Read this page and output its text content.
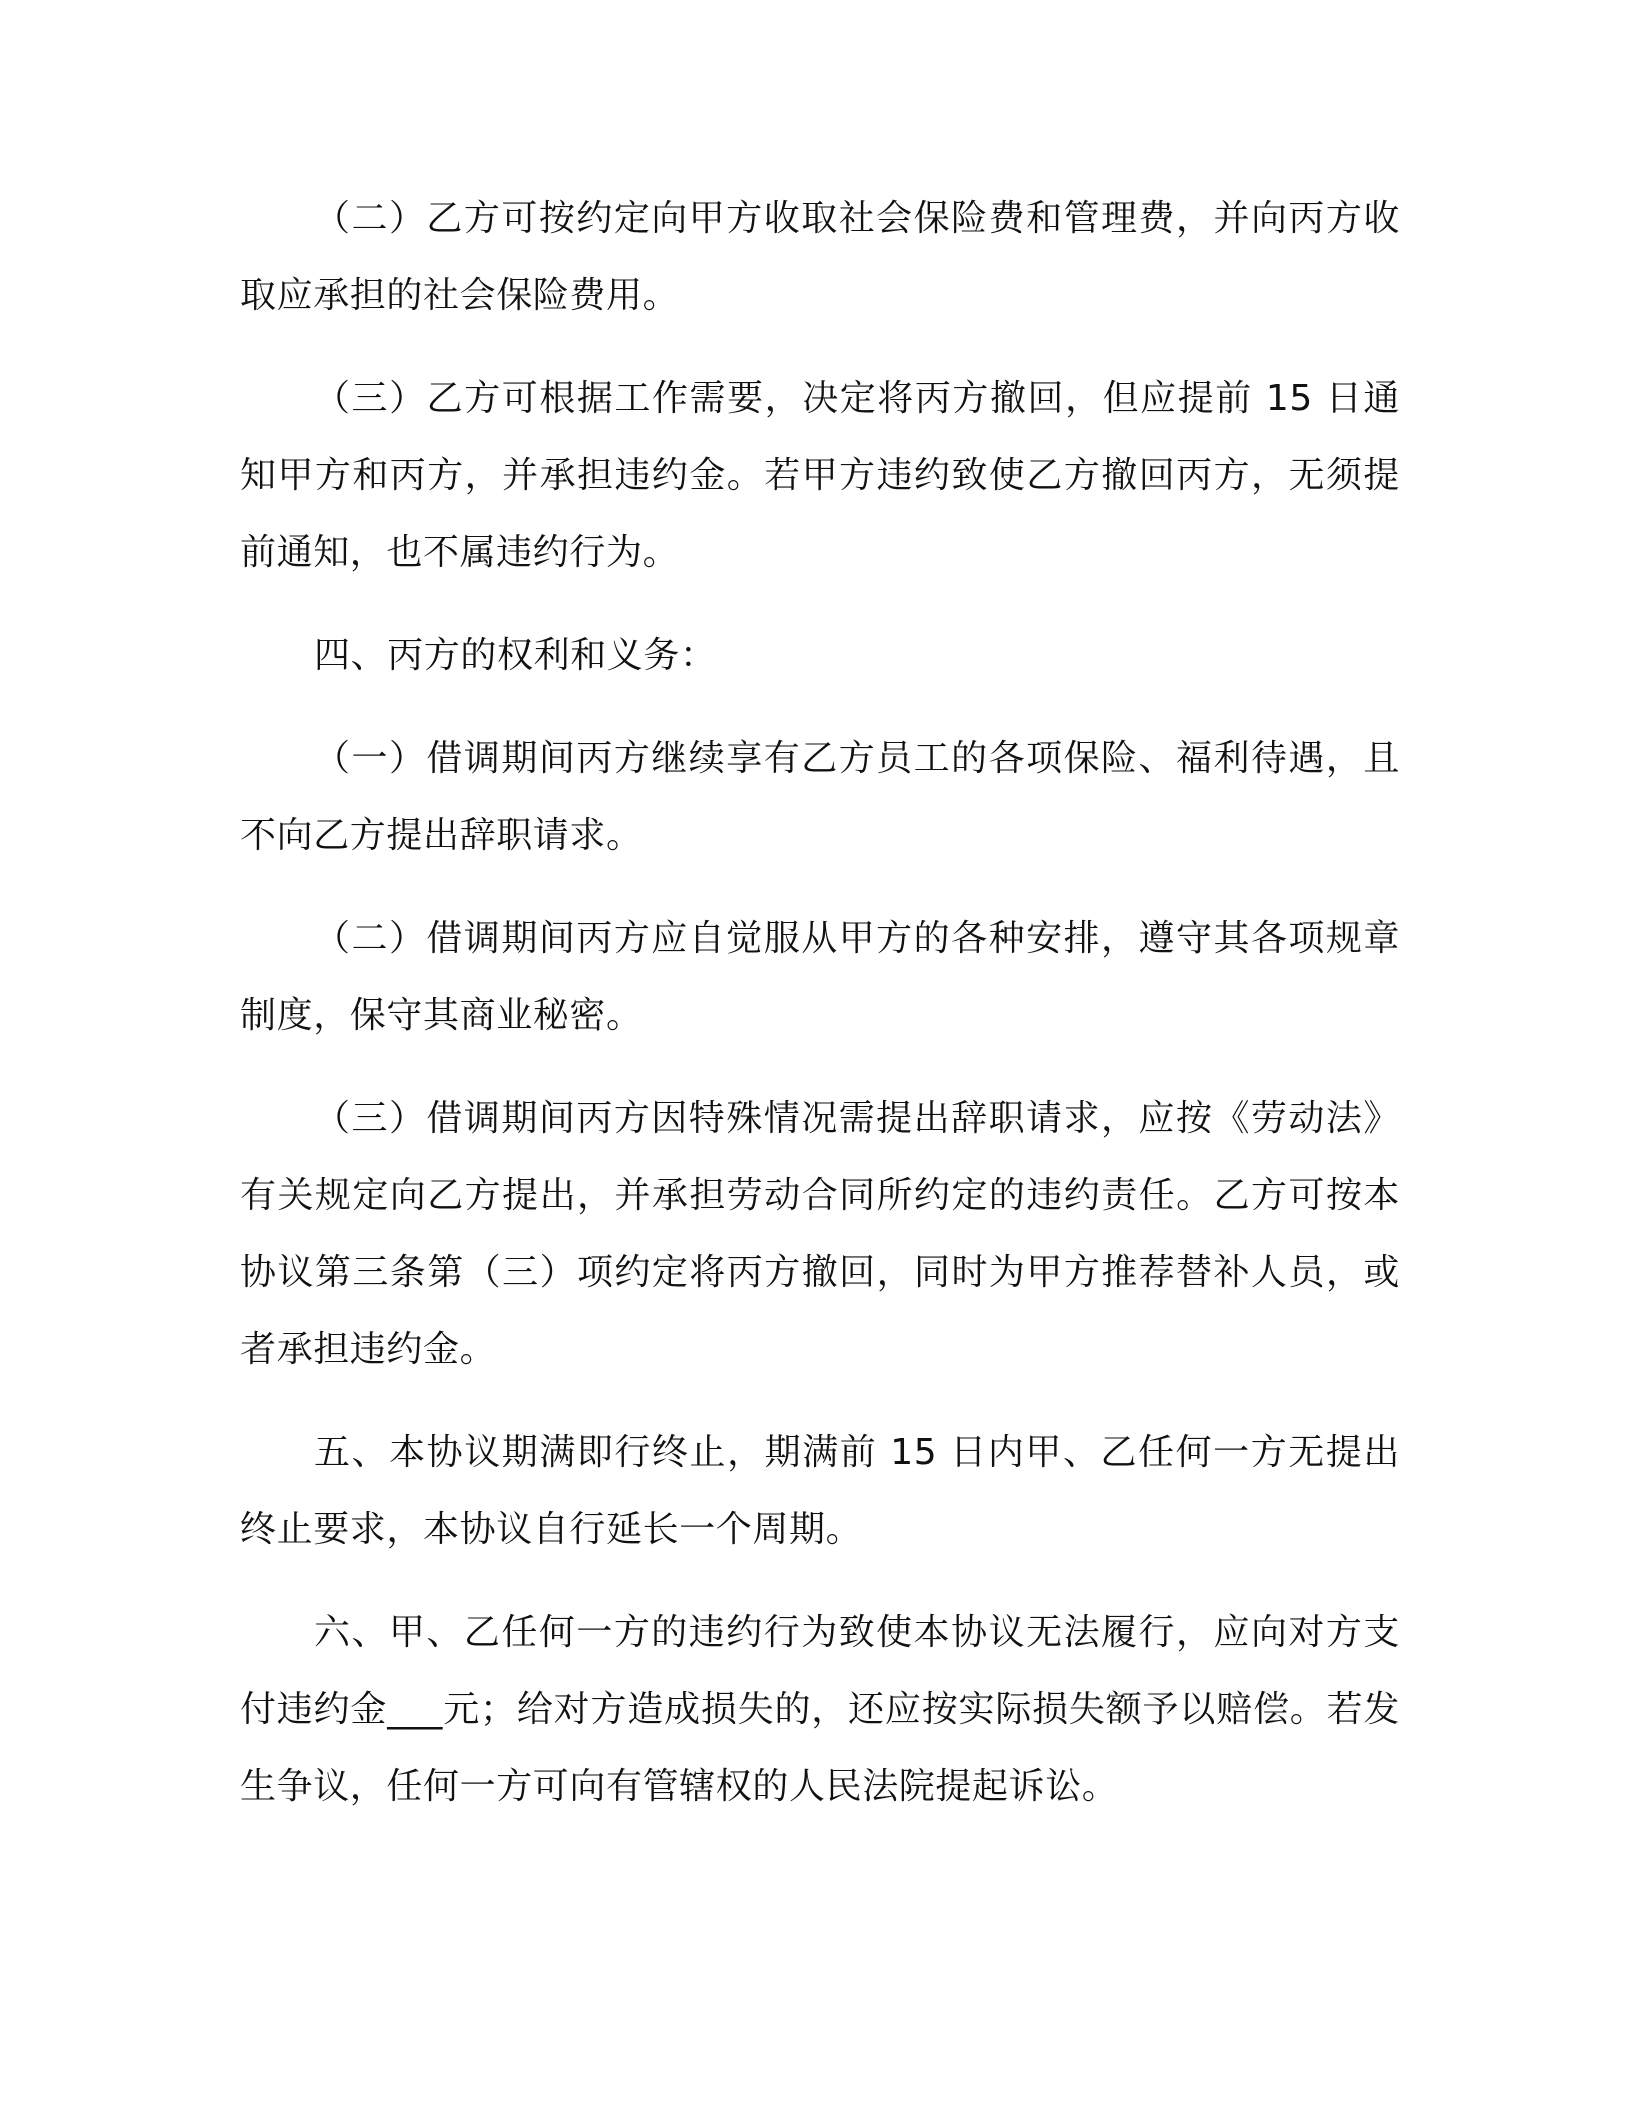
（二）乙方可按约定向甲方收取社会保险费和管理费，并向丙方收取应承担的社会保险费用。

（三）乙方可根据工作需要，决定将丙方撤回，但应提前 15 日通知甲方和丙方，并承担违约金。若甲方违约致使乙方撤回丙方，无须提前通知，也不属违约行为。

四、丙方的权利和义务：

（一）借调期间丙方继续享有乙方员工的各项保险、福利待遇，且不向乙方提出辞职请求。

（二）借调期间丙方应自觉服从甲方的各种安排，遵守其各项规章制度，保守其商业秘密。

（三）借调期间丙方因特殊情况需提出辞职请求，应按《劳动法》有关规定向乙方提出，并承担劳动合同所约定的违约责任。乙方可按本协议第三条第（三）项约定将丙方撤回，同时为甲方推荐替补人员，或者承担违约金。

五、本协议期满即行终止，期满前 15 日内甲、乙任何一方无提出终止要求，本协议自行延长一个周期。

六、甲、乙任何一方的违约行为致使本协议无法履行，应向对方支付违约金___元；给对方造成损失的，还应按实际损失额予以赔偿。若发生争议，任何一方可向有管辖权的人民法院提起诉讼。
